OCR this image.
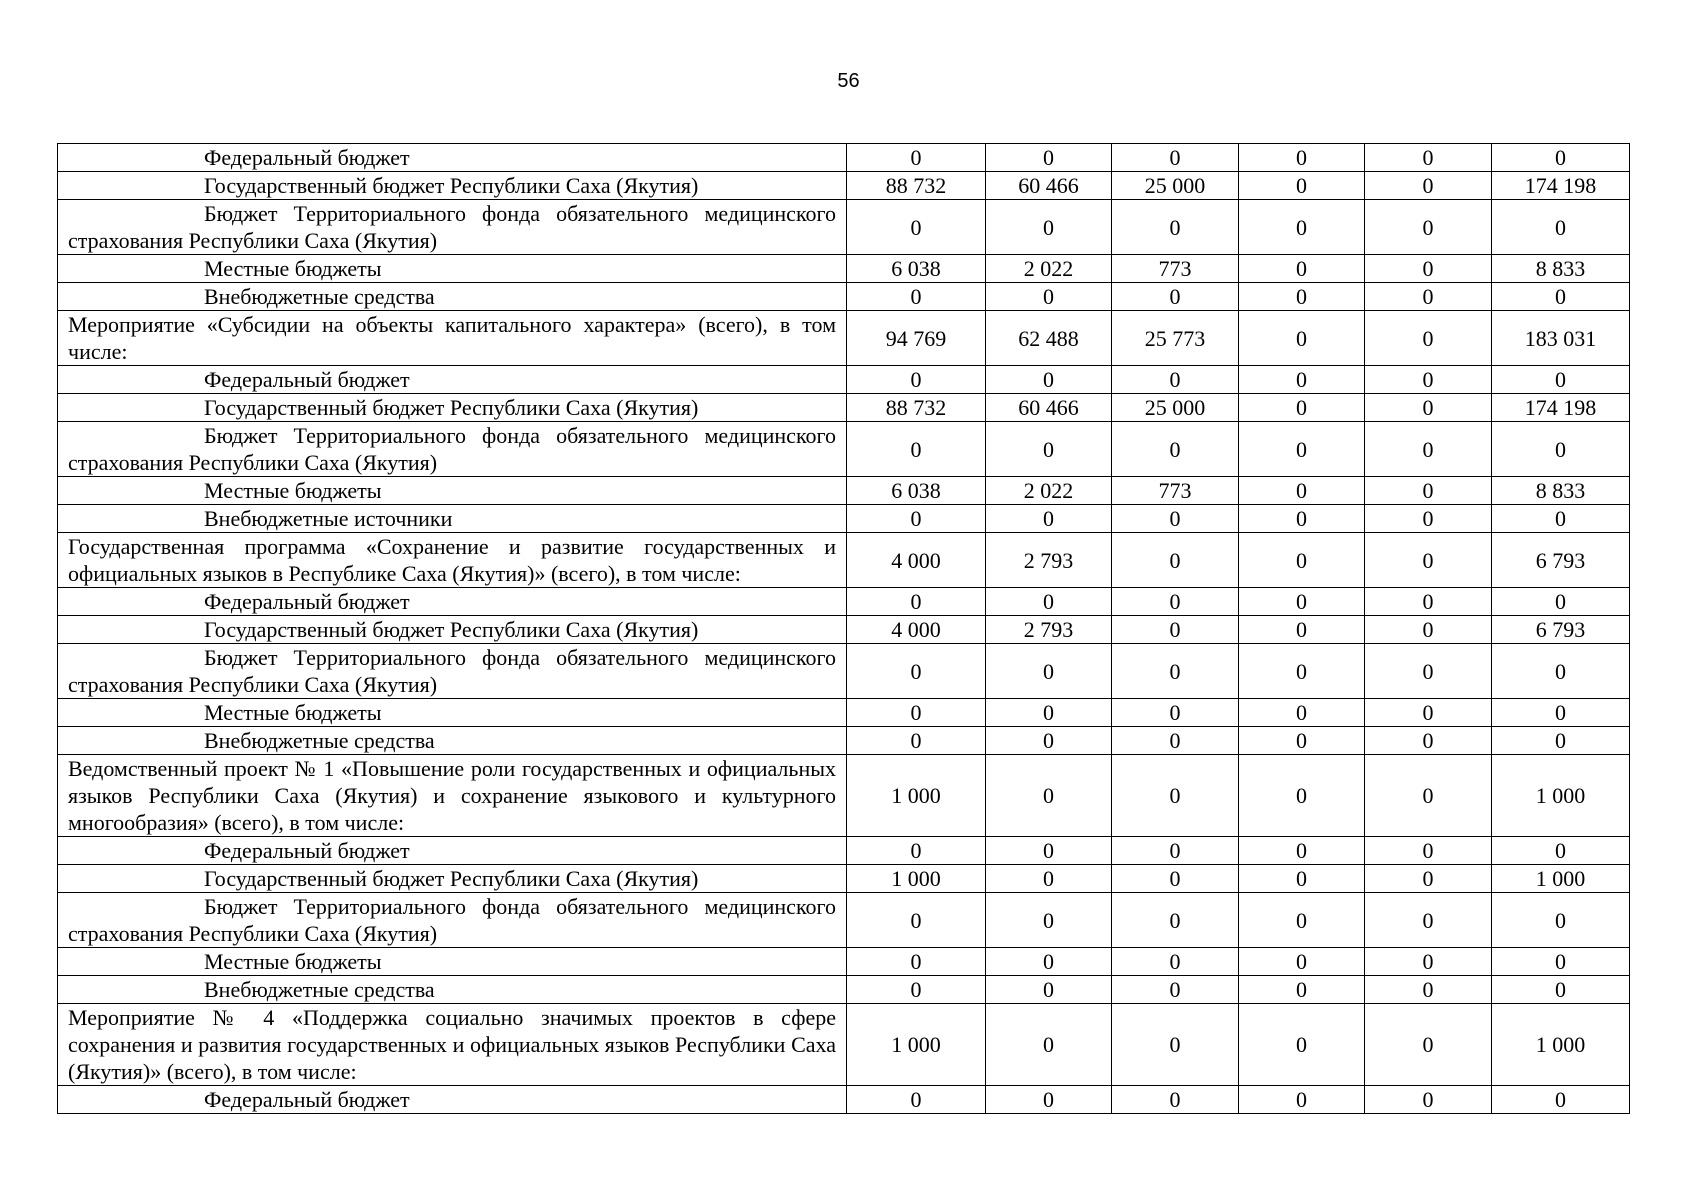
56
Федеральный бюджет	0	0	0	0	0	0
Государственный бюджет Республики Саха (Якутия)	88 732	60 466	25 000	0	0	174 198
Бюджет Территориального фонда обязательного медицинского страхования Республики Саха (Якутия)	0	0	0	0	0	0
Местные бюджеты	6 038	2 022	773	0	0	8 833
Внебюджетные средства	0	0	0	0	0	0
Мероприятие «Субсидии на объекты капитального характера» (всего), в том числе:	94 769	62 488	25 773	0	0	183 031
Федеральный бюджет	0	0	0	0	0	0
Государственный бюджет Республики Саха (Якутия)	88 732	60 466	25 000	0	0	174 198
Бюджет Территориального фонда обязательного медицинского страхования Республики Саха (Якутия)	0	0	0	0	0	0
Местные бюджеты	6 038	2 022	773	0	0	8 833
Внебюджетные источники	0	0	0	0	0	0
Государственная программа «Сохранение и развитие государственных и официальных языков в Республике Саха (Якутия)» (всего), в том числе:	4 000	2 793	0	0	0	6 793
Федеральный бюджет	0	0	0	0	0	0
Государственный бюджет Республики Саха (Якутия)	4 000	2 793	0	0	0	6 793
Бюджет Территориального фонда обязательного медицинского страхования Республики Саха (Якутия)	0	0	0	0	0	0
Местные бюджеты	0	0	0	0	0	0
Внебюджетные средства	0	0	0	0	0	0
Ведомственный проект № 1 «Повышение роли государственных и официальных языков Республики Саха (Якутия) и сохранение языкового и культурного многообразия» (всего), в том числе:	1 000	0	0	0	0	1 000
Федеральный бюджет	0	0	0	0	0	0
Государственный бюджет Республики Саха (Якутия)	1 000	0	0	0	0	1 000
Бюджет Территориального фонда обязательного медицинского страхования Республики Саха (Якутия)	0	0	0	0	0	0
Местные бюджеты	0	0	0	0	0	0
Внебюджетные средства	0	0	0	0	0	0
Мероприятие № 4 «Поддержка социально значимых проектов в сфере сохранения и развития государственных и официальных языков Республики Саха (Якутия)» (всего), в том числе:	1 000	0	0	0	0	1 000
Федеральный бюджет	0	0	0	0	0	0
